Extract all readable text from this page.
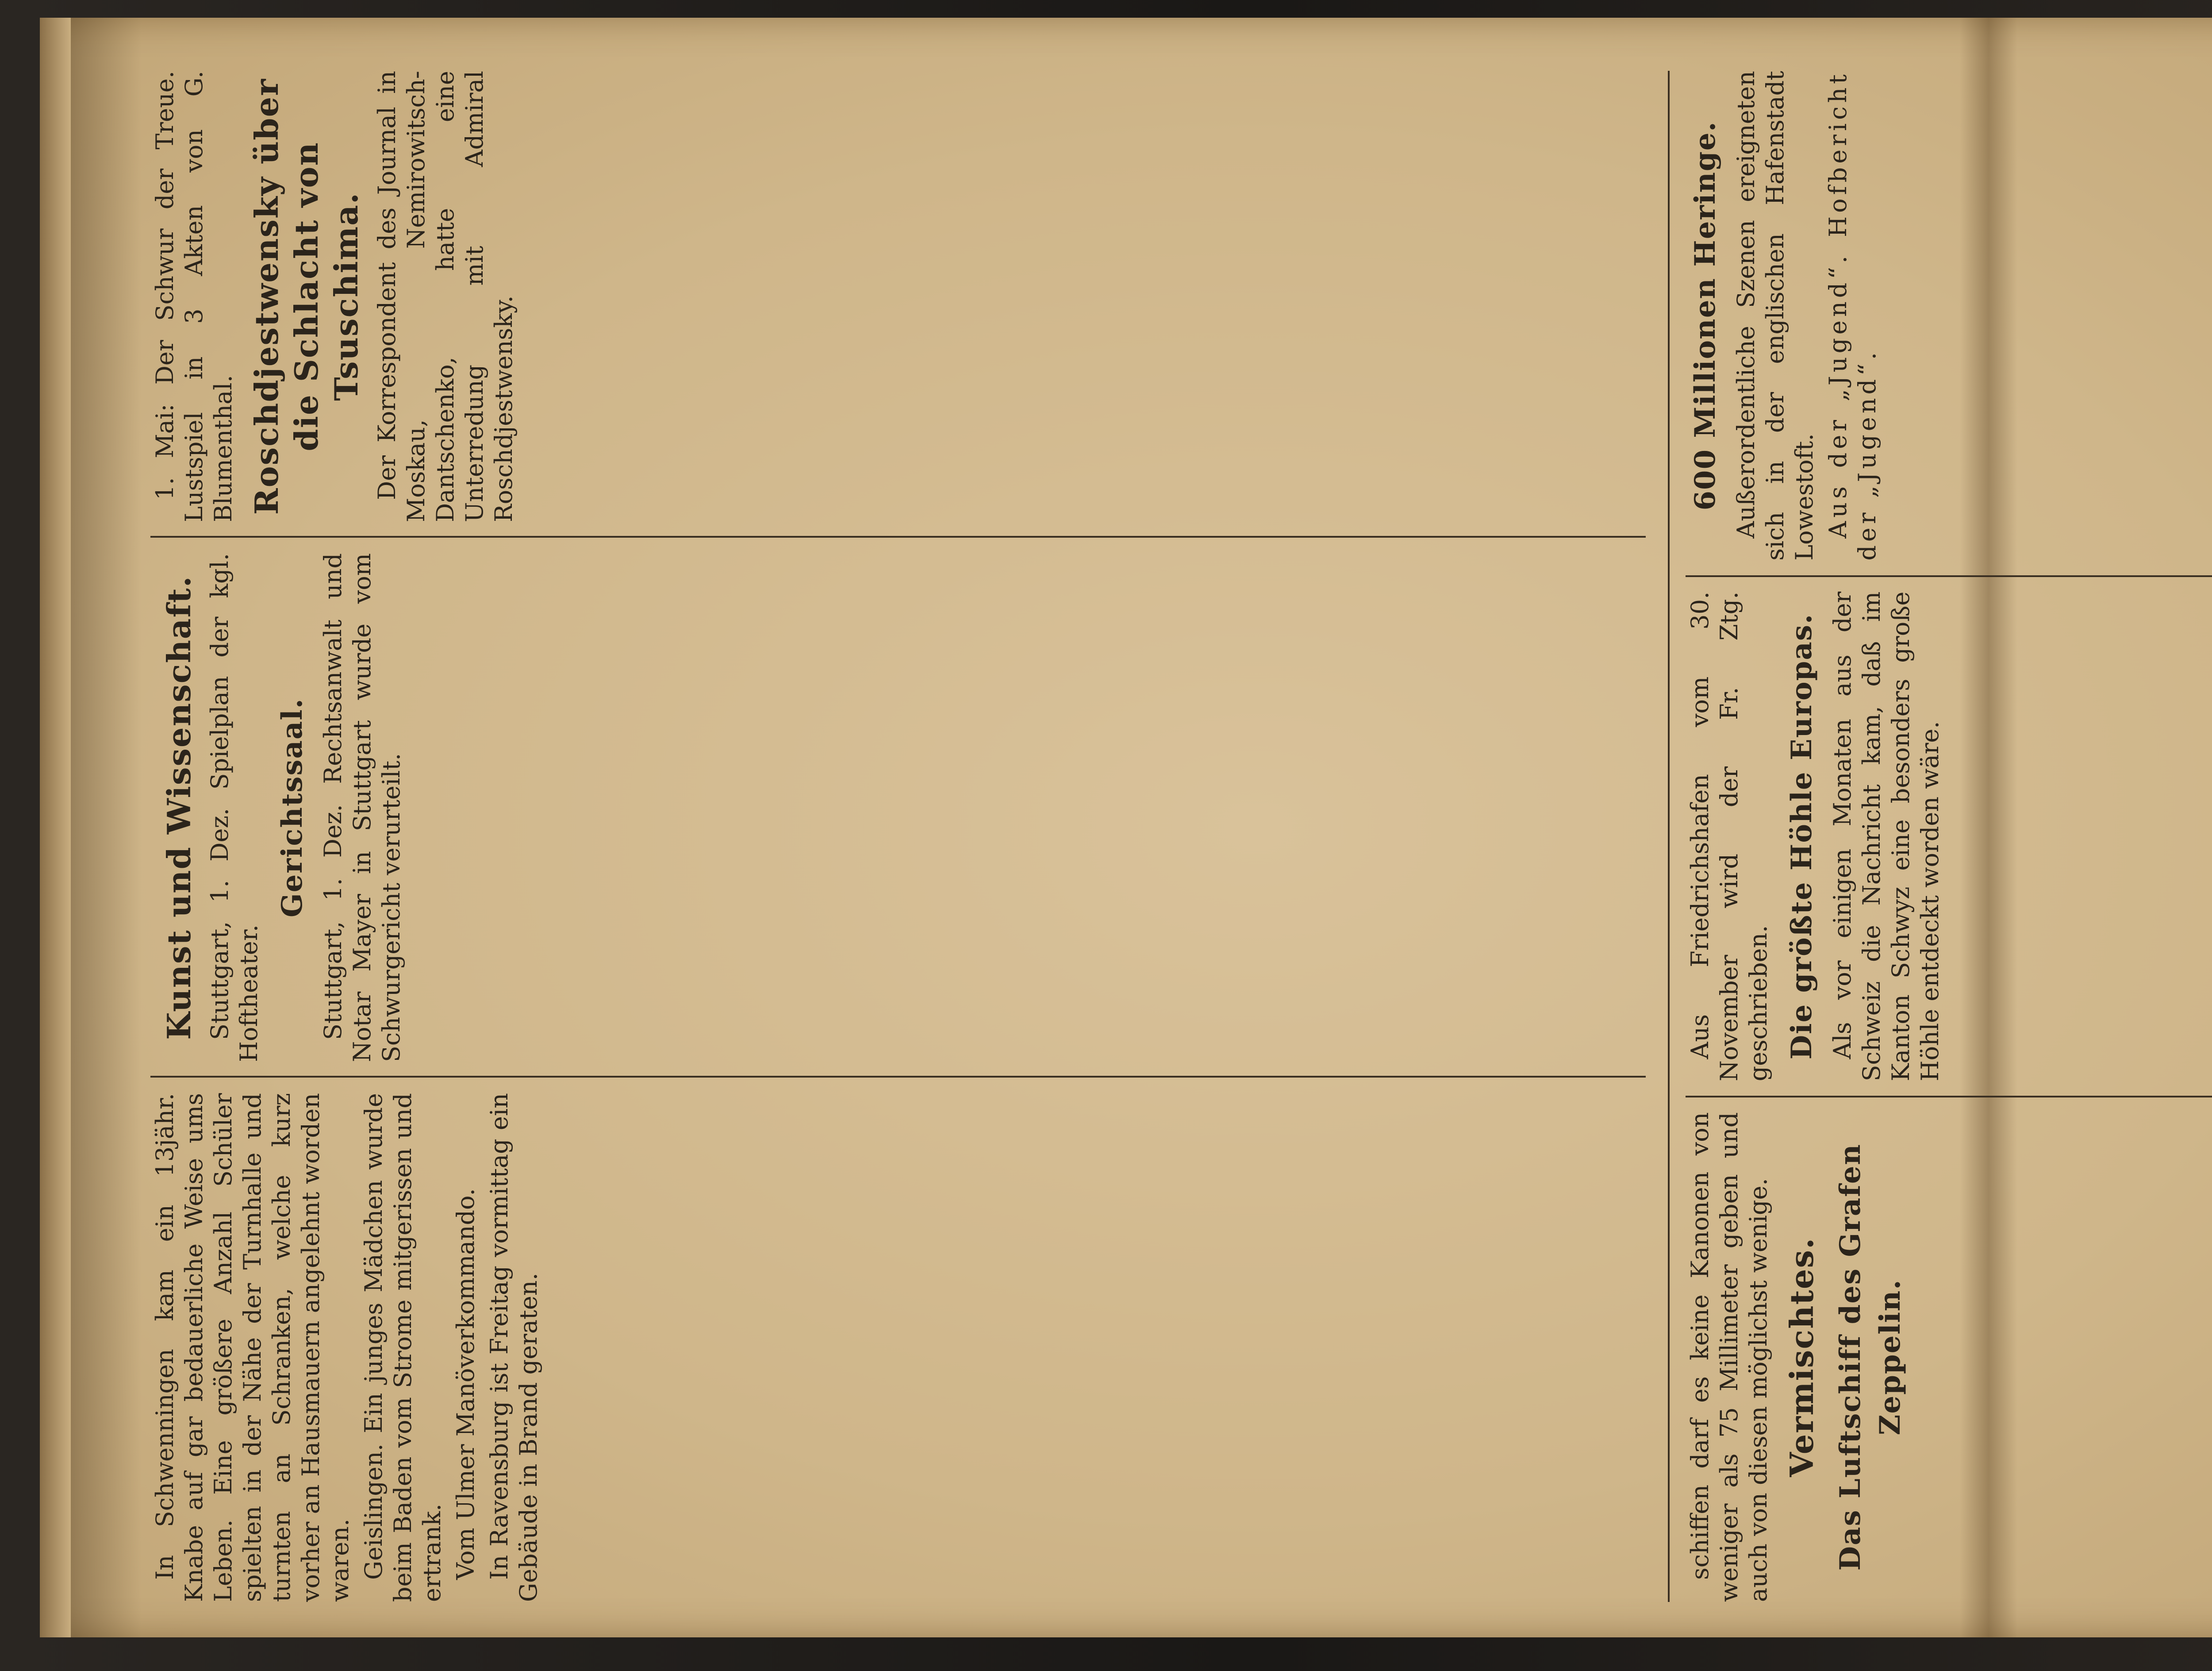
In Schwenningen kam ein 13jähr. Knabe auf gar bedauerliche Weise ums Leben. Eine größere Anzahl Schüler spielten in der Nähe der Turnhalle und turnten an Schranken, welche kurz vorher an Hausmauern angelehnt worden waren. Geislingen. Ein junges Mädchen wurde beim Baden vom Strome mitgerissen und ertrank. Vom Ulmer Manöverkommando. In Ravensburg ist Freitag vormittag ein Gebäude in Brand geraten.

Kunst und Wissenschaft. Stuttgart, 1. Dez. Spielplan der kgl. Hoftheater.

Gerichtssaal. Stuttgart, 1. Dez. Rechtsanwalt und Notar Mayer in Stuttgart wurde vom Schwurgericht verurteilt.

1. Mai: Der Schwur der Treue. Lustspiel in 3 Akten von G. Blumenthal. Roschdjestwensky über die Schlacht von Tsuschima. Der Korrespondent des Journal in Moskau, Nemirowitsch-Dantschenko, hatte eine Unterredung mit Admiral Roschdjestwensky.

schiffen darf es keine Kanonen von weniger als 75 Millimeter geben und auch von diesen möglichst wenige. Vermischtes. Das Luftschiff des Grafen Zeppelin.

Aus Friedrichshafen vom 30. November wird der Fr. Ztg. geschrieben. Die größte Höhle Europas. Als vor einigen Monaten aus der Schweiz die Nachricht kam, daß im Kanton Schwyz eine besonders große Höhle entdeckt worden wäre.

600 Millionen Heringe. Außerordentliche Szenen ereigneten sich in der englischen Hafenstadt Lowestoft. Aus der „Jugend“. Hofbericht der „Jugend“.
